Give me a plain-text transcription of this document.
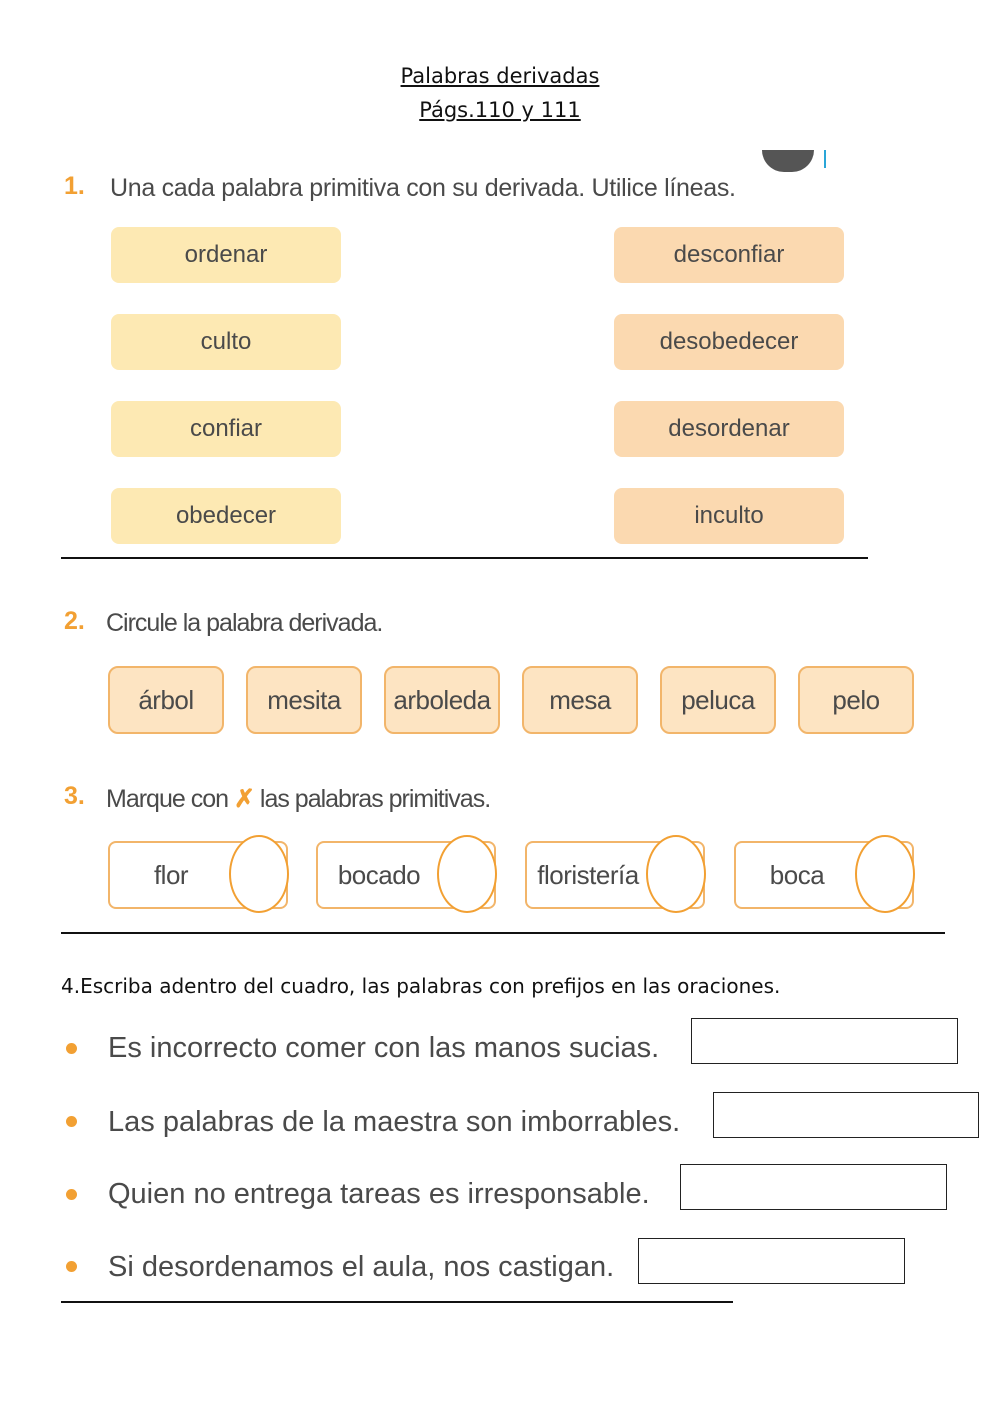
Palabras derivadas
Págs.110 y 111
1. Una cada palabra primitiva con su derivada. Utilice líneas.
ordenar
culto
confiar
obedecer
desconfiar
desobedecer
desordenar
inculto
2. Circule la palabra derivada.
árbol	mesita	arboleda	mesa	peluca	pelo
3. Marque con ✗ las palabras primitivas.
flor	bocado	floristería	boca
4.Escriba adentro del cuadro, las palabras con prefijos en las oraciones.
Es incorrecto comer con las manos sucias.
Las palabras de la maestra son imborrables.
Quien no entrega tareas es irresponsable.
Si desordenamos el aula, nos castigan.
